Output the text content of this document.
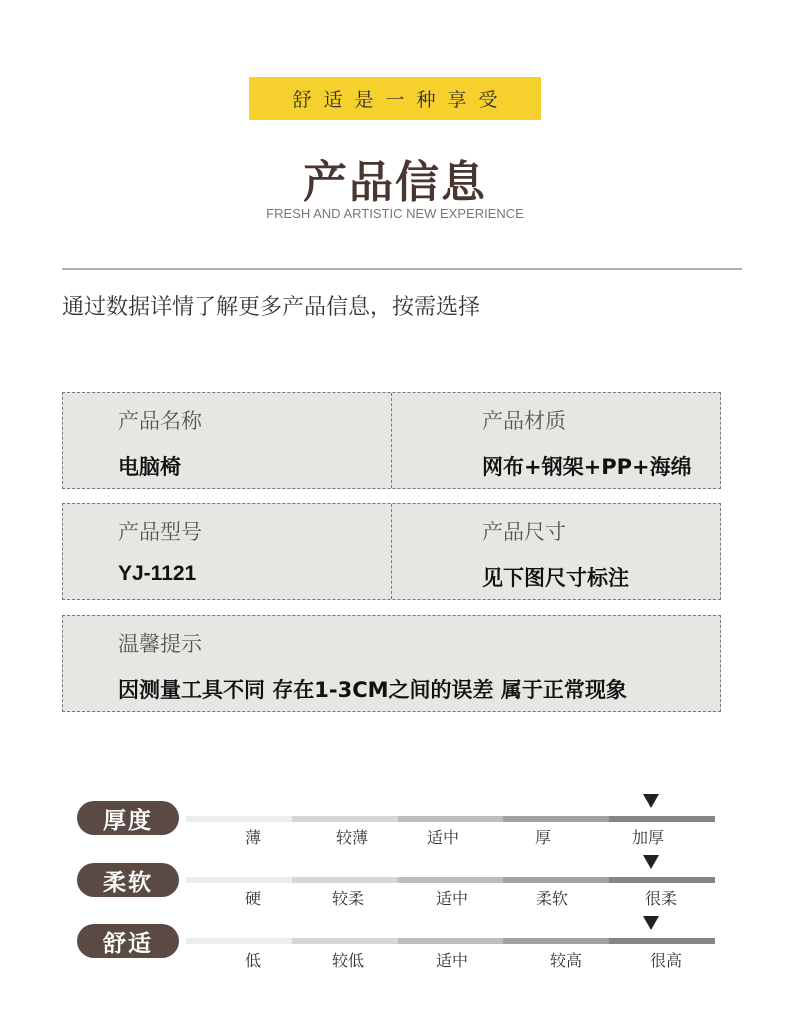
舒适是一种享受
产品信息
FRESH AND ARTISTIC NEW EXPERIENCE
通过数据详情了解更多产品信息，按需选择
产品名称
电脑椅
产品材质
网布+钢架+PP+海绵
产品型号
YJ-1121
产品尺寸
见下图尺寸标注
温馨提示
因测量工具不同 存在1-3CM之间的误差 属于正常现象
厚度
薄	较薄	适中	厚	加厚
柔软
硬	较柔	适中	柔软	很柔
舒适
低	较低	适中	较高	很高
